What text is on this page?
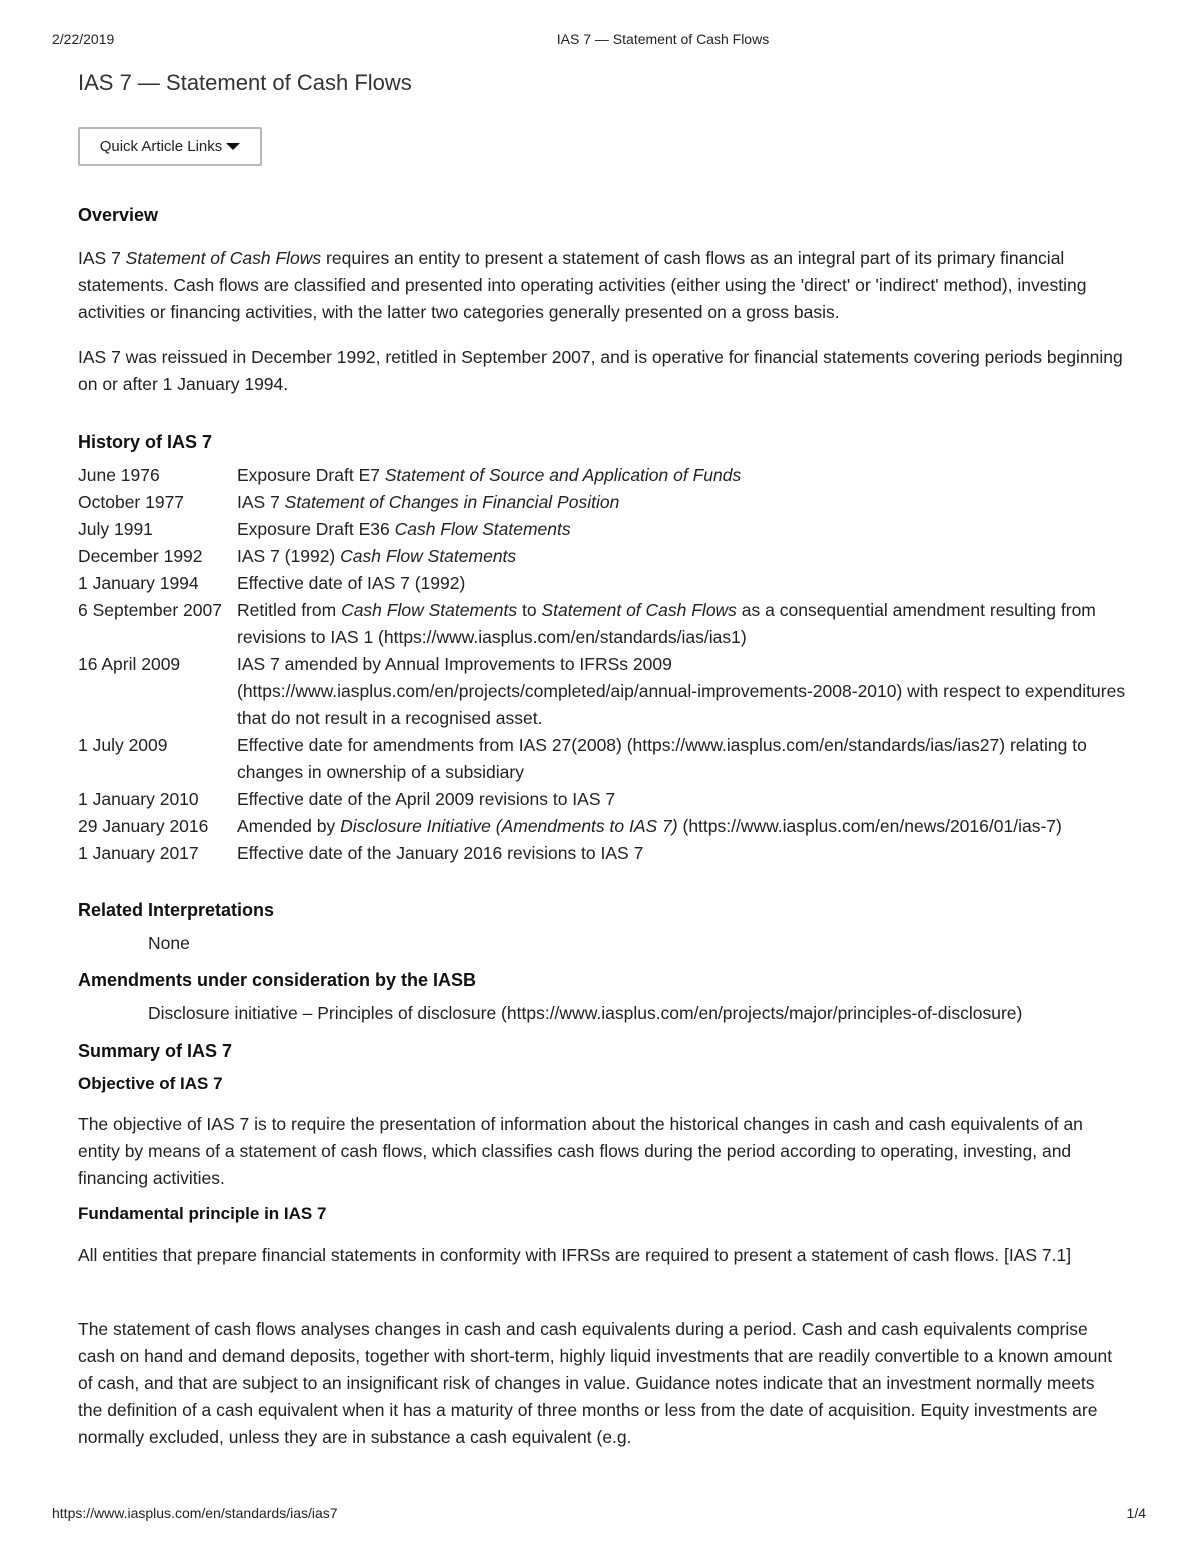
2/22/2019	IAS 7 — Statement of Cash Flows
IAS 7 — Statement of Cash Flows
Quick Article Links
Overview

IAS 7 Statement of Cash Flows requires an entity to present a statement of cash flows as an integral part of its primary financial statements. Cash flows are classified and presented into operating activities (either using the 'direct' or 'indirect' method), investing activities or financing activities, with the latter two categories generally presented on a gross basis.

IAS 7 was reissued in December 1992, retitled in September 2007, and is operative for financial statements covering periods beginning on or after 1 January 1994.

History of IAS 7
June 1976	Exposure Draft E7 Statement of Source and Application of Funds
October 1977	IAS 7 Statement of Changes in Financial Position
July 1991	Exposure Draft E36 Cash Flow Statements
December 1992	IAS 7 (1992) Cash Flow Statements
1 January 1994	Effective date of IAS 7 (1992)
6 September 2007 Retitled from Cash Flow Statements to Statement of Cash Flows as a consequential amendment resulting from revisions to IAS 1 (https://www.iasplus.com/en/standards/ias/ias1)
16 April 2009	IAS 7 amended by Annual Improvements to IFRSs 2009 (https://www.iasplus.com/en/projects/completed/aip/annual-improvements-2008-2010) with respect to expenditures that do not result in a recognised asset.
1 July 2009	Effective date for amendments from IAS 27(2008) (https://www.iasplus.com/en/standards/ias/ias27) relating to changes in ownership of a subsidiary
1 January 2010	Effective date of the April 2009 revisions to IAS 7
29 January 2016	Amended by Disclosure Initiative (Amendments to IAS 7) (https://www.iasplus.com/en/news/2016/01/ias-7)
1 January 2017	Effective date of the January 2016 revisions to IAS 7
Related Interpretations
None
Amendments under consideration by the IASB
Disclosure initiative – Principles of disclosure (https://www.iasplus.com/en/projects/major/principles-of-disclosure)
Summary of IAS 7
Objective of IAS 7

The objective of IAS 7 is to require the presentation of information about the historical changes in cash and cash equivalents of an entity by means of a statement of cash flows, which classifies cash flows during the period according to operating, investing, and financing activities.

Fundamental principle in IAS 7

All entities that prepare financial statements in conformity with IFRSs are required to present a statement of cash flows. [IAS 7.1]

The statement of cash flows analyses changes in cash and cash equivalents during a period. Cash and cash equivalents comprise cash on hand and demand deposits, together with short-term, highly liquid investments that are readily convertible to a known amount of cash, and that are subject to an insignificant risk of changes in value. Guidance notes indicate that an investment normally meets the definition of a cash equivalent when it has a maturity of three months or less from the date of acquisition. Equity investments are normally excluded, unless they are in substance a cash equivalent (e.g.

https://www.iasplus.com/en/standards/ias/ias7	1/4
